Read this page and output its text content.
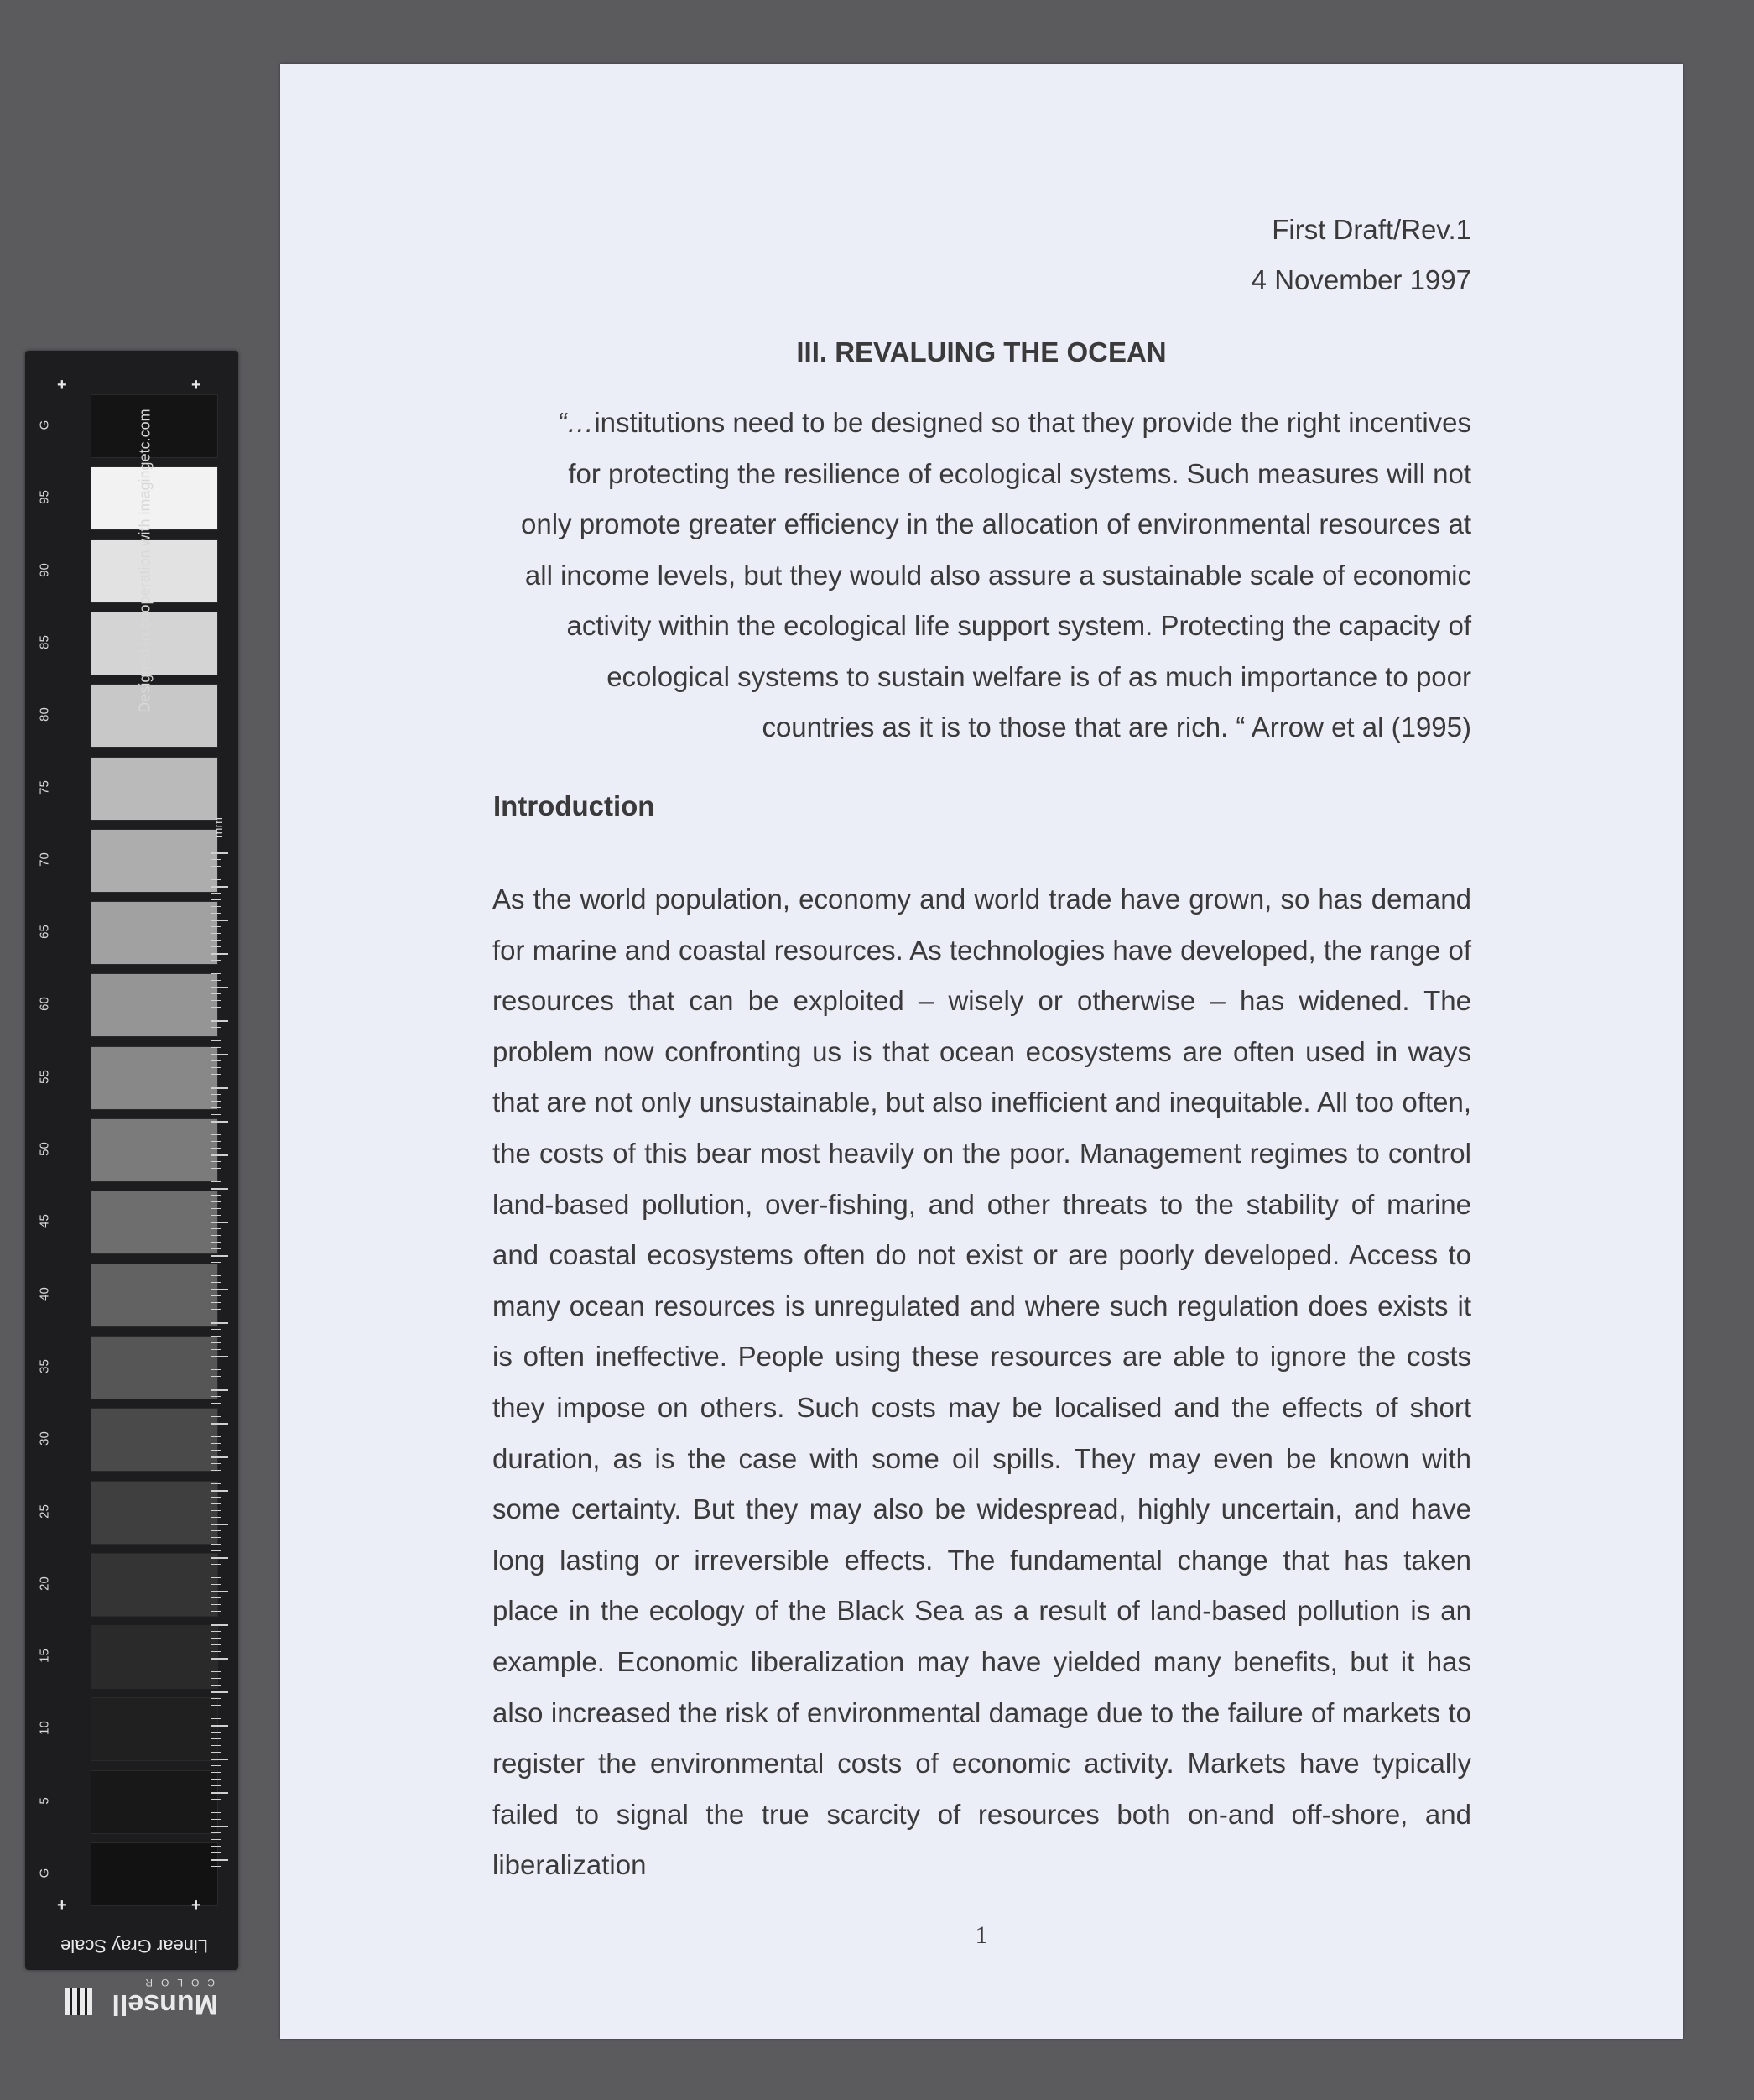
G
95
90
85
80
75
70
65
60
55
50
45
40
35
30
25
20
15
10
5
G
Designed in cooperation with imagingetc.com
mm
+	+
+	+
Linear Gray Scale
Munsell
COLOR
First Draft/Rev.1
4 November 1997
III. REVALUING THE OCEAN
“…institutions need to be designed so that they provide the right incentives
for protecting the resilience of ecological systems. Such measures will not
only promote greater efficiency in the allocation of environmental resources at
all income levels, but they would also assure a sustainable scale of economic
activity within the ecological life support system. Protecting the capacity of
ecological systems to sustain welfare is of as much importance to poor
countries as it is to those that are rich. “ Arrow et al (1995)
Introduction
As the world population, economy and world trade have grown, so has demand for marine and coastal resources. As technologies have developed, the range of resources that can be exploited – wisely or otherwise – has widened. The problem now confronting us is that ocean ecosystems are often used in ways that are not only unsustainable, but also inefficient and inequitable. All too often, the costs of this bear most heavily on the poor. Management regimes to control land-based pollution, over-fishing, and other threats to the stability of marine and coastal ecosystems often do not exist or are poorly developed. Access to many ocean resources is unregulated and where such regulation does exists it is often ineffective. People using these resources are able to ignore the costs they impose on others. Such costs may be localised and the effects of short duration, as is the case with some oil spills. They may even be known with some certainty. But they may also be widespread, highly uncertain, and have long lasting or irreversible effects. The fundamental change that has taken place in the ecology of the Black Sea as a result of land-based pollution is an example. Economic liberalization may have yielded many benefits, but it has also increased the risk of environmental damage due to the failure of markets to register the environmental costs of economic activity. Markets have typically failed to signal the true scarcity of resources both on-and off-shore, and liberalization
1
